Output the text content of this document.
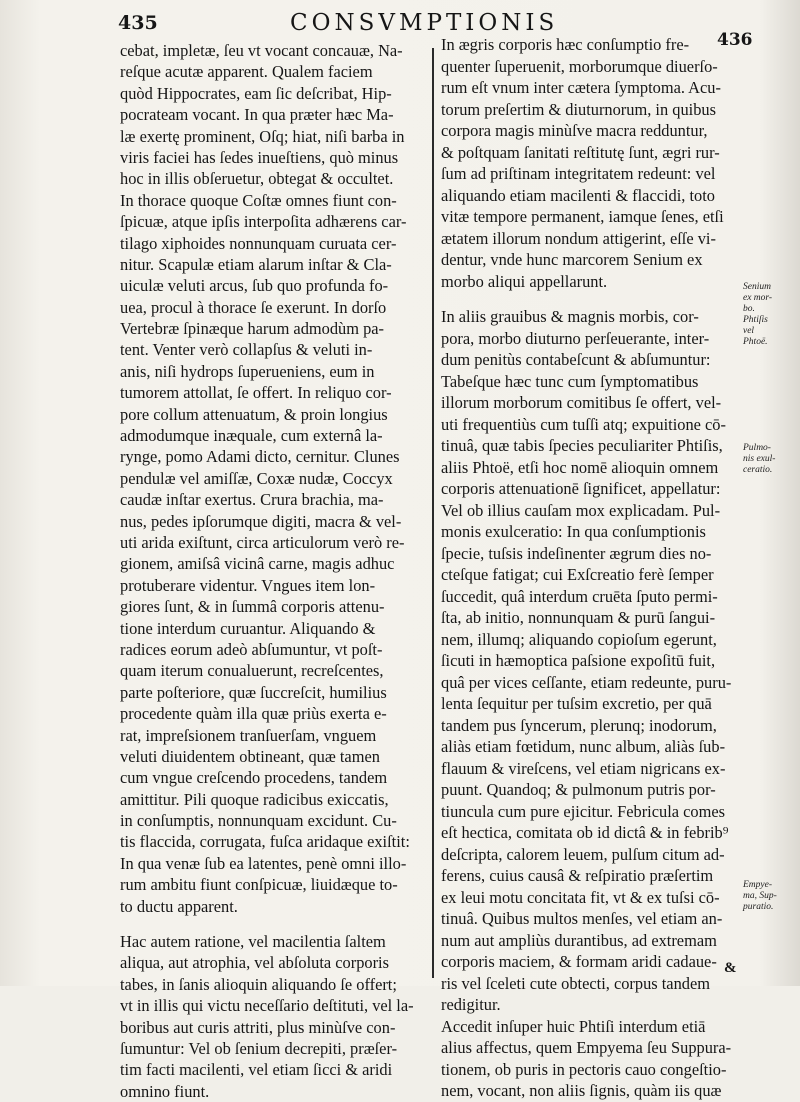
435	CONSVMPTIONIS
436
cebat, impletæ, ſeu vt vocant concauæ, Na-
reſque acutæ apparent. Qualem faciem
quòd Hippocrates, eam ſic deſcribat, Hip-
pocrateam vocant. In qua præter hæc Ma-
læ exertę prominent, Oſq; hiat, niſi barba in
viris faciei has ſedes inueſtiens, quò minus
hoc in illis obſeruetur, obtegat & occultet.
In thorace quoque Coſtæ omnes fiunt con-
ſpicuæ, atque ipſis interpoſita adhærens car-
tilago xiphoides nonnunquam curuata cer-
nitur. Scapulæ etiam alarum inſtar & Cla-
uiculæ veluti arcus, ſub quo profunda fo-
uea, procul à thorace ſe exerunt. In dorſo
Vertebræ ſpinæque harum admodùm pa-
tent. Venter verò collapſus & veluti in-
anis, niſi hydrops ſuperueniens, eum in
tumorem attollat, ſe offert. In reliquo cor-
pore collum attenuatum, & proin longius
admodumque inæquale, cum externâ la-
rynge, pomo Adami dicto, cernitur. Clunes
pendulæ vel amiſſæ, Coxæ nudæ, Coccyx
caudæ inſtar exertus. Crura brachia, ma-
nus, pedes ipſorumque digiti, macra & vel-
uti arida exiſtunt, circa articulorum verò re-
gionem, amiſsâ vicinâ carne, magis adhuc
protuberare videntur. Vngues item lon-
giores ſunt, & in ſummâ corporis attenu-
tione interdum curuantur. Aliquando &
radices eorum adeò abſumuntur, vt poſt-
quam iterum conualuerunt, recreſcentes,
parte poſteriore, quæ ſuccreſcit, humilius
procedente quàm illa quæ priùs exerta e-
rat, impreſsionem tranſuerſam, vnguem
veluti diuidentem obtineant, quæ tamen
cum vngue creſcendo procedens, tandem
amittitur. Pili quoque radicibus exiccatis,
in conſumptis, nonnunquam excidunt. Cu-
tis flaccida, corrugata, fuſca aridaque exiſtit:
In qua venæ ſub ea latentes, penè omni illo-
rum ambitu fiunt conſpicuæ, liuidæque to-
to ductu apparent.
Hac autem ratione, vel macilentia ſaltem
aliqua, aut atrophia, vel abſoluta corporis
tabes, in ſanis alioquin aliquando ſe offert;
vt in illis qui victu neceſſario deſtituti, vel la-
boribus aut curis attriti, plus minùſve con-
ſumuntur: Vel ob ſenium decrepiti, præſer-
tim facti macilenti, vel etiam ſicci & aridi
omnino fiunt.
In ægris corporis hæc conſumptio fre-
quenter ſuperuenit, morborumque diuerſo-
rum eſt vnum inter cætera ſymptoma. Acu-
torum preſertim & diuturnorum, in quibus
corpora magis minùſve macra redduntur,
& poſtquam ſanitati reſtitutę ſunt, ægri rur-
ſum ad priſtinam integritatem redeunt: vel
aliquando etiam macilenti & flaccidi, toto
vitæ tempore permanent, iamque ſenes, etſi
ætatem illorum nondum attigerint, eſſe vi-
dentur, vnde hunc marcorem Senium ex
morbo aliqui appellarunt.
In aliis grauibus & magnis morbis, cor-
pora, morbo diuturno perſeuerante, inter-
dum penitùs contabeſcunt & abſumuntur:
Tabeſque hæc tunc cum ſymptomatibus
illorum morborum comitibus ſe offert, vel-
uti frequentiùs cum tuſſi atq; expuitione cō-
tinuâ, quæ tabis ſpecies peculiariter Phtiſis,
aliis Phtoë, etſi hoc nomē alioquin omnem
corporis attenuationē ſignificet, appellatur:
Vel ob illius cauſam mox explicadam. Pul-
monis exulceratio: In qua conſumptionis
ſpecie, tuſsis indeſinenter ægrum dies no-
cteſque fatigat; cui Exſcreatio ferè ſemper
ſuccedit, quâ interdum cruēta ſputo permi-
ſta, ab initio, nonnunquam & purū ſangui-
nem, illumq; aliquando copioſum egerunt,
ſicuti in hæmoptica paſsione expoſitū fuit,
quâ per vices ceſſante, etiam redeunte, puru-
lenta ſequitur per tuſsim excretio, per quā
tandem pus ſyncerum, plerunq; inodorum,
aliàs etiam fœtidum, nunc album, aliàs ſub-
flauum & vireſcens, vel etiam nigricans ex-
puunt. Quandoq; & pulmonum putris por-
tiuncula cum pure ejicitur. Febricula comes
eſt hectica, comitata ob id dictâ & in febrib⁹
deſcripta, calorem leuem, pulſum citum ad-
ferens, cuius causâ & reſpiratio præſertim
ex leui motu concitata fit, vt & ex tuſsi cō-
tinuâ. Quibus multos menſes, vel etiam an-
num aut ampliùs durantibus, ad extremam
corporis maciem, & formam aridi cadaue-
ris vel ſceleti cute obtecti, corpus tandem
redigitur.
Accedit inſuper huic Phtiſi interdum etiā
alius affectus, quem Empyema ſeu Suppura-
tionem, ob puris in pectoris cauo congeſtio-
nem, vocant, non aliis ſignis, quàm iis quæ
Senium
ex mor-
bo.
Phtiſis
vel
Phtoë.
Pulmo-
nis exul-
ceratio.
Empye-
ma, Sup-
puratio.
&
